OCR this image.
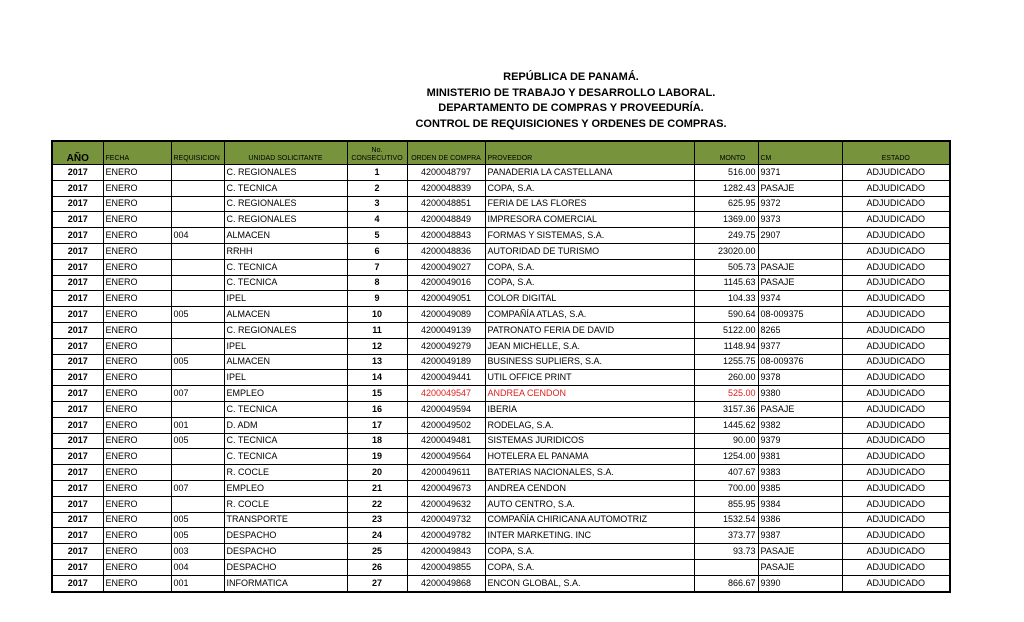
REPÚBLICA DE PANAMÁ.
MINISTERIO DE TRABAJO Y DESARROLLO LABORAL.
DEPARTAMENTO DE COMPRAS Y PROVEEDURÍA.
CONTROL DE REQUISICIONES Y ORDENES DE COMPRAS.
AÑO	FECHA	REQUISICION	UNIDAD SOLICITANTE	No.
CONSECUTIVO	ORDEN DE COMPRA	PROVEEDOR	MONTO	CM	ESTADO
2017	ENERO		C. REGIONALES	1	4200048797	PANADERIA LA CASTELLANA	516.00	9371	ADJUDICADO
2017	ENERO		C. TECNICA	2	4200048839	COPA, S.A.	1282.43	PASAJE	ADJUDICADO
2017	ENERO		C. REGIONALES	3	4200048851	FERIA DE LAS FLORES	625.95	9372	ADJUDICADO
2017	ENERO		C. REGIONALES	4	4200048849	IMPRESORA COMERCIAL	1369.00	9373	ADJUDICADO
2017	ENERO	004	ALMACEN	5	4200048843	FORMAS Y SISTEMAS, S.A.	249.75	2907	ADJUDICADO
2017	ENERO		RRHH	6	4200048836	AUTORIDAD DE TURISMO	23020.00		ADJUDICADO
2017	ENERO		C. TECNICA	7	4200049027	COPA, S.A.	505.73	PASAJE	ADJUDICADO
2017	ENERO		C. TECNICA	8	4200049016	COPA, S.A.	1145.63	PASAJE	ADJUDICADO
2017	ENERO		IPEL	9	4200049051	COLOR DIGITAL	104.33	9374	ADJUDICADO
2017	ENERO	005	ALMACEN	10	4200049089	COMPAÑÍA ATLAS, S.A.	590.64	08-009375	ADJUDICADO
2017	ENERO		C. REGIONALES	11	4200049139	PATRONATO FERIA DE DAVID	5122.00	8265	ADJUDICADO
2017	ENERO		IPEL	12	4200049279	JEAN MICHELLE, S.A.	1148.94	9377	ADJUDICADO
2017	ENERO	005	ALMACEN	13	4200049189	BUSINESS SUPLIERS, S.A.	1255.75	08-009376	ADJUDICADO
2017	ENERO		IPEL	14	4200049441	UTIL OFFICE PRINT	260.00	9378	ADJUDICADO
2017	ENERO	007	EMPLEO	15	4200049547	ANDREA CENDON	525.00	9380	ADJUDICADO
2017	ENERO		C. TECNICA	16	4200049594	IBERIA	3157.36	PASAJE	ADJUDICADO
2017	ENERO	001	D. ADM	17	4200049502	RODELAG, S.A.	1445.62	9382	ADJUDICADO
2017	ENERO	005	C. TECNICA	18	4200049481	SISTEMAS JURIDICOS	90.00	9379	ADJUDICADO
2017	ENERO		C. TECNICA	19	4200049564	HOTELERA EL PANAMA	1254.00	9381	ADJUDICADO
2017	ENERO		R. COCLE	20	4200049611	BATERIAS NACIONALES, S.A.	407.67	9383	ADJUDICADO
2017	ENERO	007	EMPLEO	21	4200049673	ANDREA CENDON	700.00	9385	ADJUDICADO
2017	ENERO		R. COCLE	22	4200049632	AUTO CENTRO, S.A.	855.95	9384	ADJUDICADO
2017	ENERO	005	TRANSPORTE	23	4200049732	COMPAÑÍA CHIRICANA AUTOMOTRIZ	1532.54	9386	ADJUDICADO
2017	ENERO	005	DESPACHO	24	4200049782	INTER MARKETING. INC	373.77	9387	ADJUDICADO
2017	ENERO	003	DESPACHO	25	4200049843	COPA, S.A.	93.73	PASAJE	ADJUDICADO
2017	ENERO	004	DESPACHO	26	4200049855	COPA, S.A.		PASAJE	ADJUDICADO
2017	ENERO	001	INFORMATICA	27	4200049868	ENCON GLOBAL, S.A.	866.67	9390	ADJUDICADO
